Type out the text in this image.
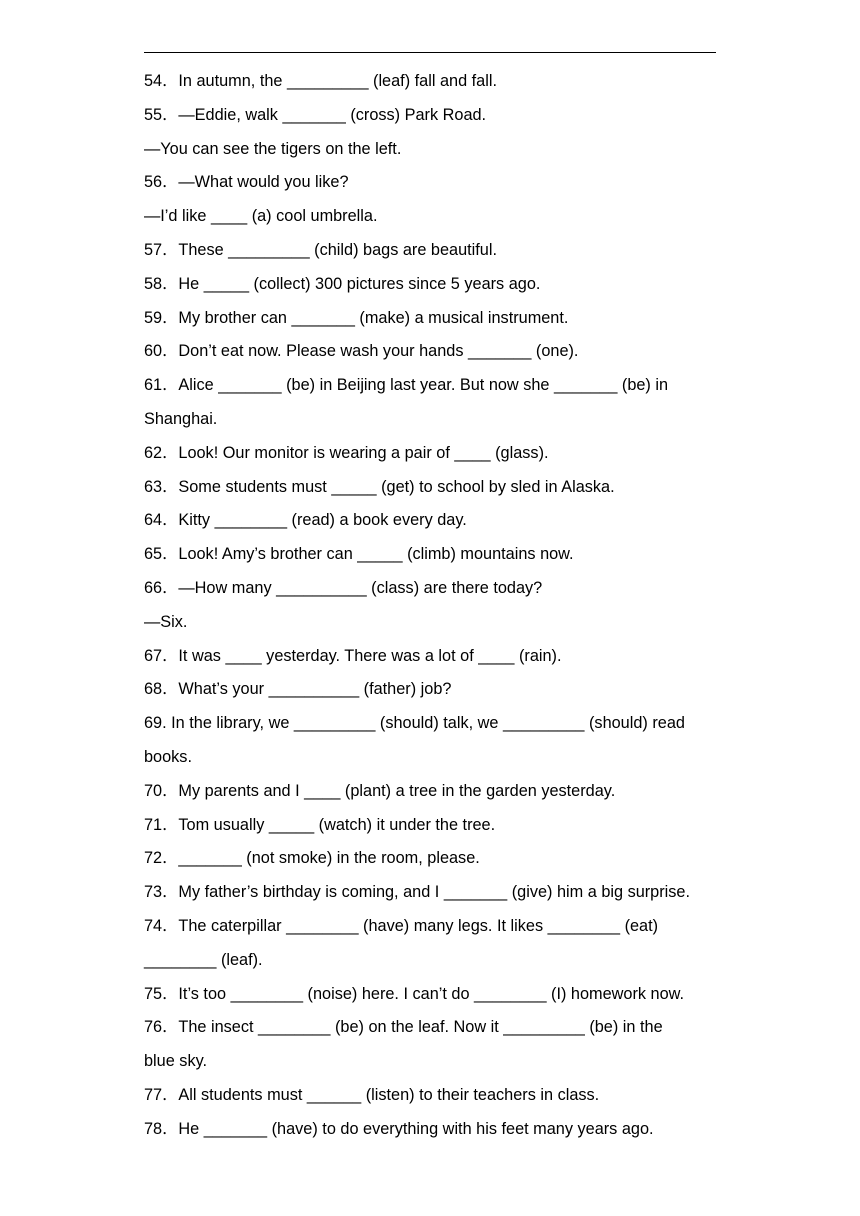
54．In autumn, the _________ (leaf) fall and fall.
55．—Eddie, walk _______ (cross) Park Road.
—You can see the tigers on the left.
56．—What would you like?
—I’d like ____ (a) cool umbrella.
57．These _________ (child) bags are beautiful.
58．He _____ (collect) 300 pictures since 5 years ago.
59．My brother can _______ (make) a musical instrument.
60．Don’t eat now. Please wash your hands _______ (one).
61．Alice _______ (be) in Beijing last year. But now she _______ (be) in
Shanghai.
62．Look! Our monitor is wearing a pair of ____ (glass).
63．Some students must _____ (get) to school by sled in Alaska.
64．Kitty ________ (read) a book every day.
65．Look! Amy’s brother can _____ (climb) mountains now.
66．—How many __________ (class) are there today?
—Six.
67．It was ____ yesterday. There was a lot of ____ (rain).
68．What’s your __________ (father) job?
69. In the library, we _________ (should) talk, we _________ (should) read
books.
70．My parents and I ____ (plant) a tree in the garden yesterday.
71．Tom usually _____ (watch) it under the tree.
72．_______ (not smoke) in the room, please.
73．My father’s birthday is coming, and I _______ (give) him a big surprise.
74．The caterpillar ________ (have) many legs. It likes ________ (eat)
________ (leaf).
75．It’s too ________ (noise) here. I can’t do ________ (I) homework now.
76．The insect ________ (be) on the leaf. Now it _________ (be) in the
blue sky.
77．All students must ______ (listen) to their teachers in class.
78．He _______ (have) to do everything with his feet many years ago.
